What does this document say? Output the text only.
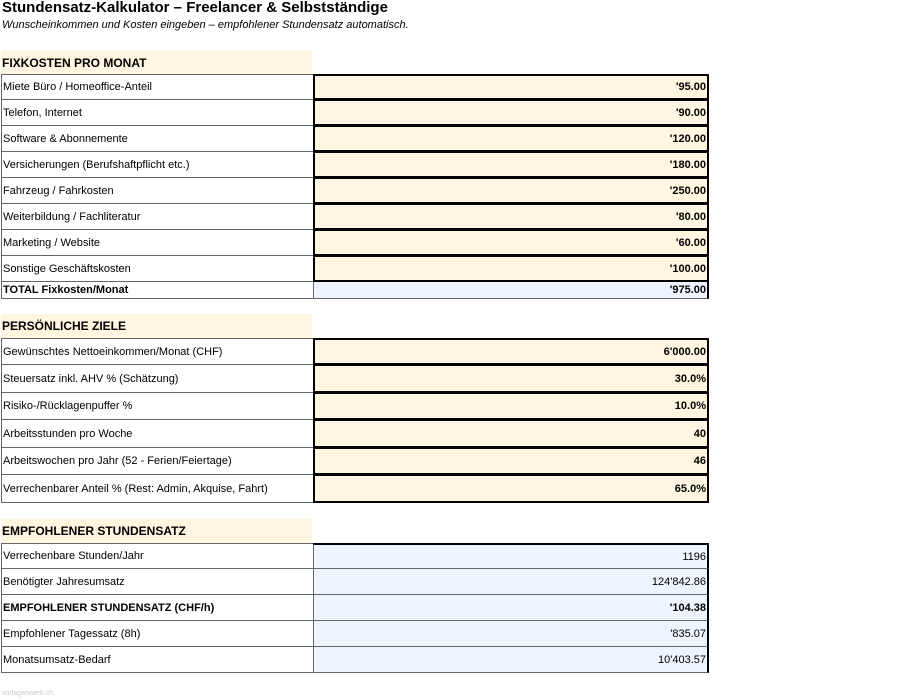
Stundensatz-Kalkulator – Freelancer & Selbstständige
Wunscheinkommen und Kosten eingeben – empfohlener Stundensatz automatisch.
FIXKOSTEN PRO MONAT
Miete Büro / Homeoffice-Anteil	'95.00
Telefon, Internet	'90.00
Software & Abonnemente	'120.00
Versicherungen (Berufshaftpflicht etc.)	'180.00
Fahrzeug / Fahrkosten	'250.00
Weiterbildung / Fachliteratur	'80.00
Marketing / Website	'60.00
Sonstige Geschäftskosten	'100.00
TOTAL Fixkosten/Monat	'975.00
PERSÖNLICHE ZIELE
Gewünschtes Nettoeinkommen/Monat (CHF)	6'000.00
Steuersatz inkl. AHV % (Schätzung)	30.0%
Risiko-/Rücklagenpuffer %	10.0%
Arbeitsstunden pro Woche	40
Arbeitswochen pro Jahr (52 - Ferien/Feiertage)	46
Verrechenbarer Anteil % (Rest: Admin, Akquise, Fahrt)	65.0%
EMPFOHLENER STUNDENSATZ
Verrechenbare Stunden/Jahr	1196
Benötigter Jahresumsatz	124'842.86
EMPFOHLENER STUNDENSATZ (CHF/h)	'104.38
Empfohlener Tagessatz (8h)	'835.07
Monatsumsatz-Bedarf	10'403.57
vorlagenwerk.ch
